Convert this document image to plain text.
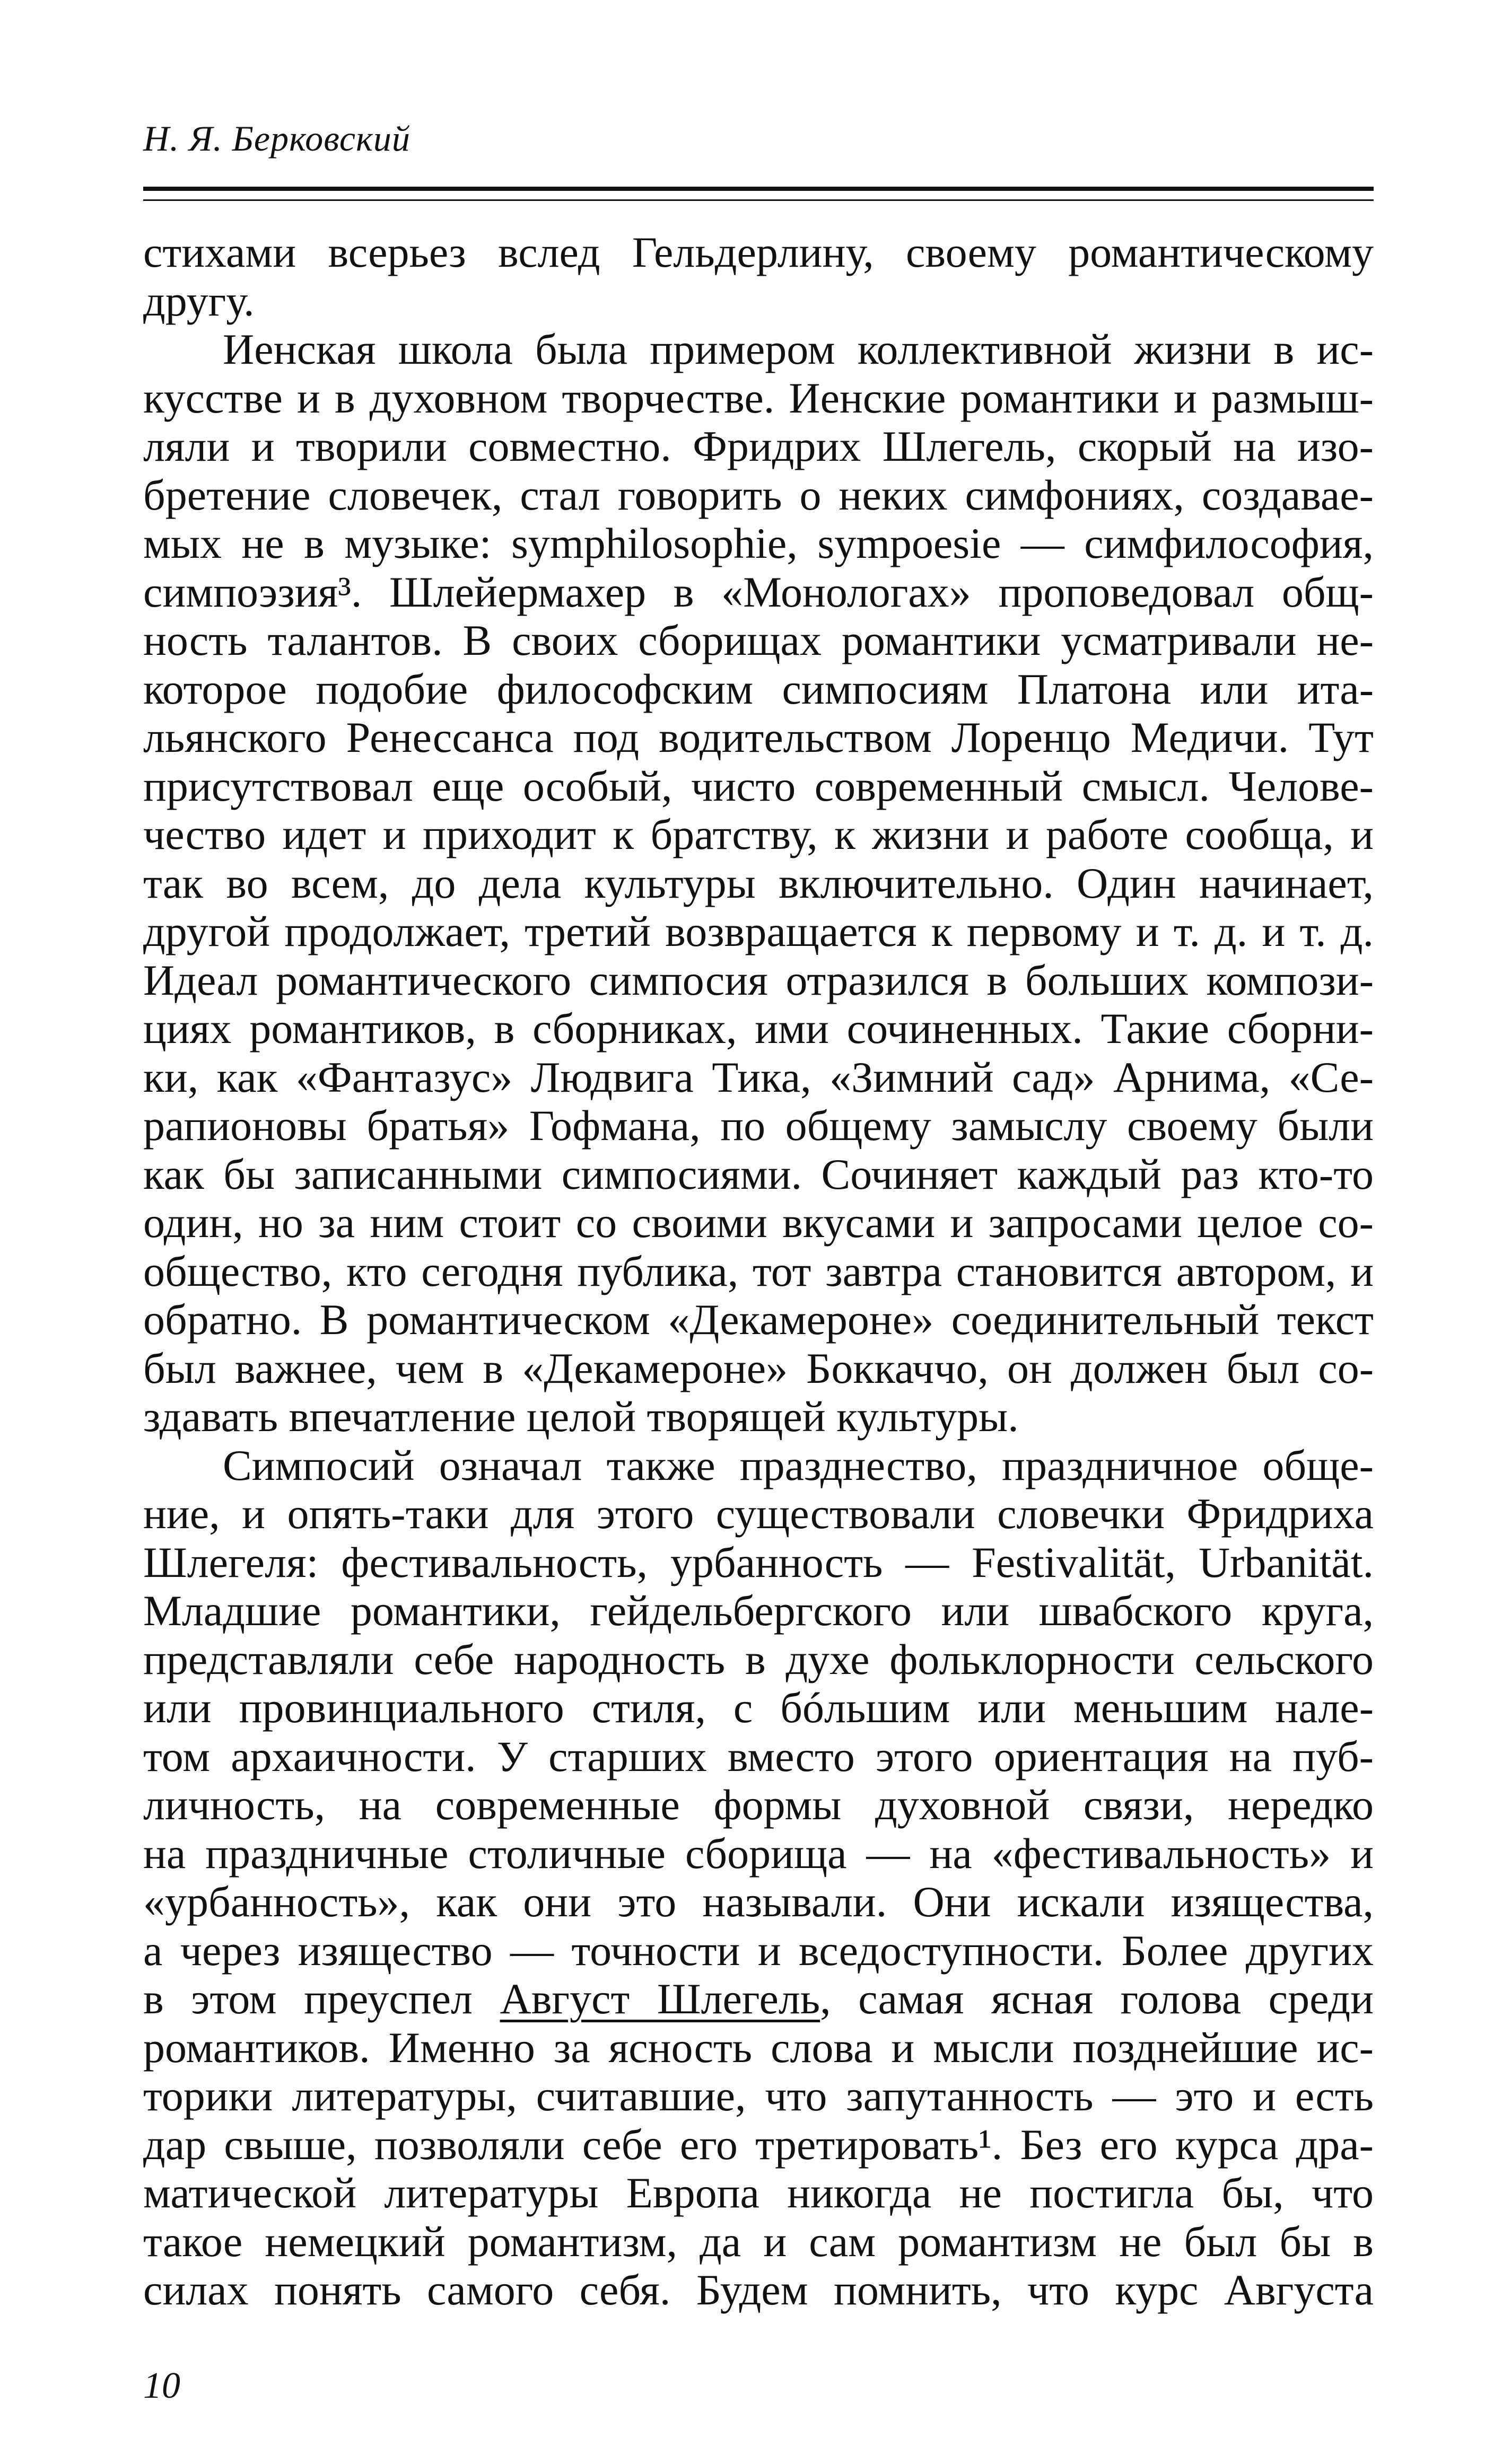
Н. Я. Берковский
стихами всерьез вслед Гельдерлину, своему романтическому
другу.
Иенская школа была примером коллективной жизни в ис-
кусстве и в духовном творчестве. Иенские романтики и размыш-
ляли и творили совместно. Фридрих Шлегель, скорый на изо-
бретение словечек, стал говорить о неких симфониях, создавае-
мых не в музыке: symphilosophie, sympoesie — симфилософия,
симпоэзия³. Шлейермахер в «Монологах» проповедовал общ-
ность талантов. В своих сборищах романтики усматривали не-
которое подобие философским симпосиям Платона или ита-
льянского Ренессанса под водительством Лоренцо Медичи. Тут
присутствовал еще особый, чисто современный смысл. Челове-
чество идет и приходит к братству, к жизни и работе сообща, и
так во всем, до дела культуры включительно. Один начинает,
другой продолжает, третий возвращается к первому и т. д. и т. д.
Идеал романтического симпосия отразился в больших компози-
циях романтиков, в сборниках, ими сочиненных. Такие сборни-
ки, как «Фантазус» Людвига Тика, «Зимний сад» Арнима, «Се-
рапионовы братья» Гофмана, по общему замыслу своему были
как бы записанными симпосиями. Сочиняет каждый раз кто-то
один, но за ним стоит со своими вкусами и запросами целое со-
общество, кто сегодня публика, тот завтра становится автором, и
обратно. В романтическом «Декамероне» соединительный текст
был важнее, чем в «Декамероне» Боккаччо, он должен был со-
здавать впечатление целой творящей культуры.
Симпосий означал также празднество, праздничное обще-
ние, и опять-таки для этого существовали словечки Фридриха
Шлегеля: фестивальность, урбанность — Festivalität, Urbanität.
Младшие романтики, гейдельбергского или швабского круга,
представляли себе народность в духе фольклорности сельского
или провинциального стиля, с бóльшим или меньшим нале-
том архаичности. У старших вместо этого ориентация на пуб-
личность, на современные формы духовной связи, нередко
на праздничные столичные сборища — на «фестивальность» и
«урбанность», как они это называли. Они искали изящества,
а через изящество — точности и вседоступности. Более других
в этом преуспел Август Шлегель, самая ясная голова среди
романтиков. Именно за ясность слова и мысли позднейшие ис-
торики литературы, считавшие, что запутанность — это и есть
дар свыше, позволяли себе его третировать¹. Без его курса дра-
матической литературы Европа никогда не постигла бы, что
такое немецкий романтизм, да и сам романтизм не был бы в
силах понять самого себя. Будем помнить, что курс Августа
10
